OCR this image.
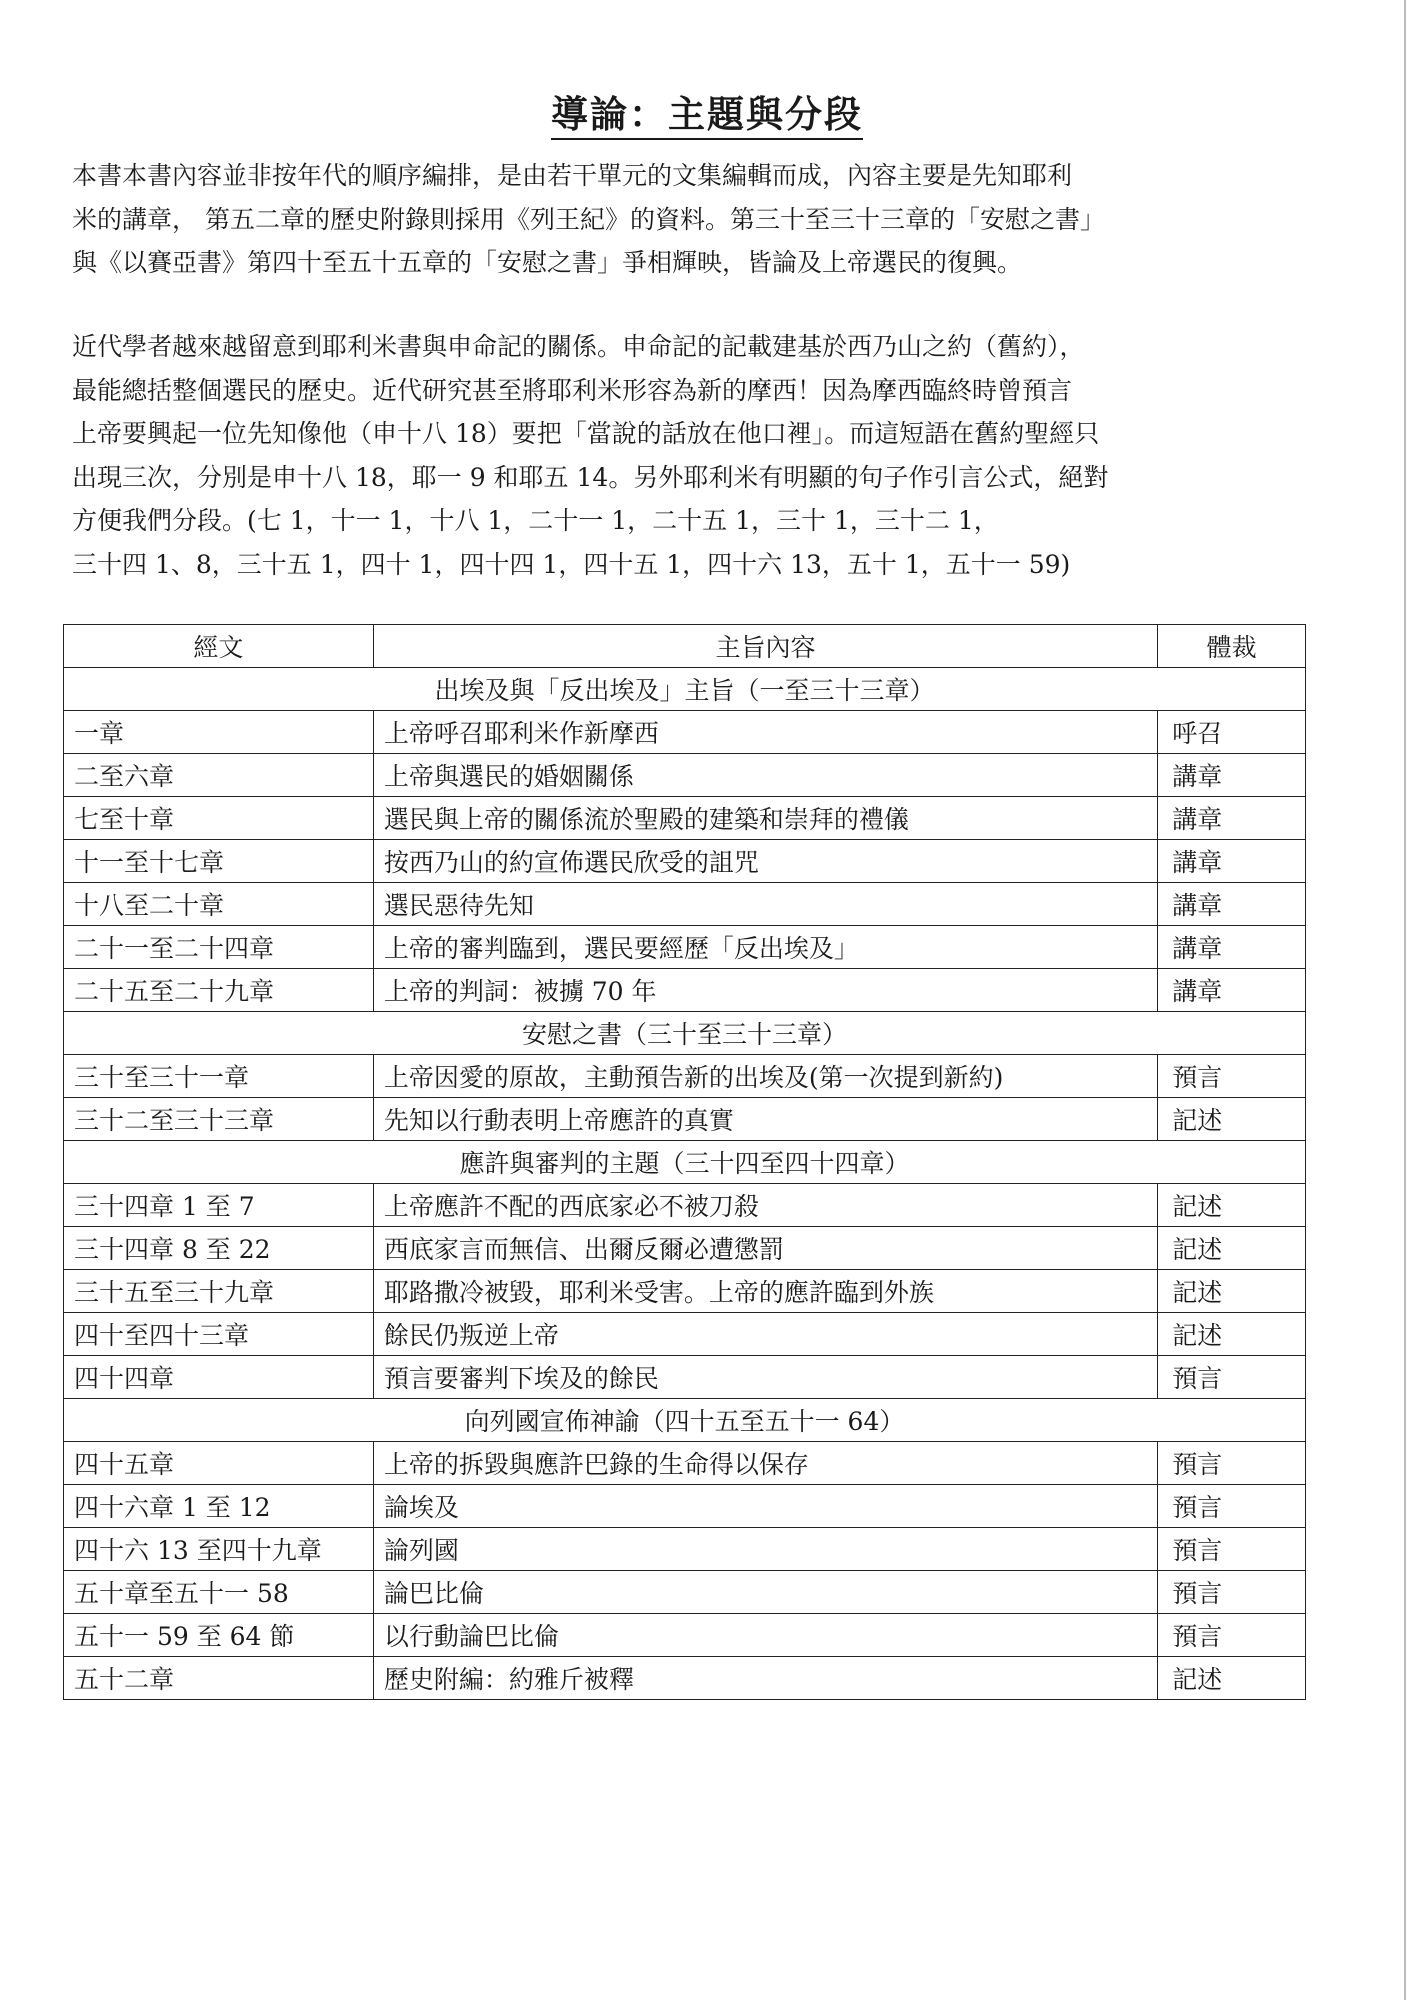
導論：主題與分段

本書本書內容並非按年代的順序編排，是由若干單元的文集編輯而成，內容主要是先知耶利
米的講章， 第五二章的歷史附錄則採用《列王紀》的資料。第三十至三十三章的「安慰之書」
與《以賽亞書》第四十至五十五章的「安慰之書」爭相輝映，皆論及上帝選民的復興。

近代學者越來越留意到耶利米書與申命記的關係。申命記的記載建基於西乃山之約（舊約），
最能總括整個選民的歷史。近代研究甚至將耶利米形容為新的摩西！因為摩西臨終時曾預言
上帝要興起一位先知像他（申十八 18）要把「當說的話放在他口裡」。而這短語在舊約聖經只
出現三次，分別是申十八 18，耶一 9 和耶五 14。另外耶利米有明顯的句子作引言公式，絕對
方便我們分段。(七 1，十一 1，十八 1，二十一 1，二十五 1，三十 1，三十二 1，
三十四 1、8，三十五 1，四十 1，四十四 1，四十五 1，四十六 13，五十 1，五十一 59)

經文	主旨內容	體裁
出埃及與「反出埃及」主旨（一至三十三章）		
一章	上帝呼召耶利米作新摩西	呼召
二至六章	上帝與選民的婚姻關係	講章
七至十章	選民與上帝的關係流於聖殿的建築和崇拜的禮儀	講章
十一至十七章	按西乃山的約宣佈選民欣受的詛咒	講章
十八至二十章	選民惡待先知	講章
二十一至二十四章	上帝的審判臨到，選民要經歷「反出埃及」	講章
二十五至二十九章	上帝的判詞：被擄 70 年	講章
安慰之書（三十至三十三章）		
三十至三十一章	上帝因愛的原故，主動預告新的出埃及(第一次提到新約)	預言
三十二至三十三章	先知以行動表明上帝應許的真實	記述
應許與審判的主題（三十四至四十四章）		
三十四章 1 至 7	上帝應許不配的西底家必不被刀殺	記述
三十四章 8 至 22	西底家言而無信、出爾反爾必遭懲罰	記述
三十五至三十九章	耶路撒冷被毀，耶利米受害。上帝的應許臨到外族	記述
四十至四十三章	餘民仍叛逆上帝	記述
四十四章	預言要審判下埃及的餘民	預言
向列國宣佈神諭（四十五至五十一 64）		
四十五章	上帝的拆毀與應許巴錄的生命得以保存	預言
四十六章 1 至 12	論埃及	預言
四十六 13 至四十九章	論列國	預言
五十章至五十一 58	論巴比倫	預言
五十一 59 至 64 節	以行動論巴比倫	預言
五十二章	歷史附編：約雅斤被釋	記述
